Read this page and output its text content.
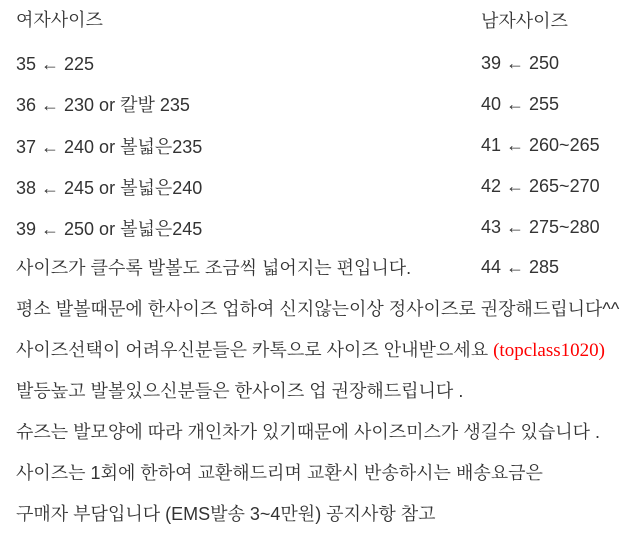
여자사이즈
35 ← 225
36 ← 230 or 칼발 235
37 ← 240 or 볼넓은235
38 ← 245 or 볼넓은240
39 ← 250 or 볼넓은245
남자사이즈
39 ← 250
40 ← 255
41 ← 260~265
42 ← 265~270
43 ← 275~280
44 ← 285
사이즈가 클수록 발볼도 조금씩 넓어지는 편입니다.
평소 발볼때문에 한사이즈 업하여 신지않는이상 정사이즈로 권장해드립니다^^
사이즈선택이 어려우신분들은 카톡으로 사이즈 안내받으세요 (topclass1020)
발등높고 발볼있으신분들은 한사이즈 업 권장해드립니다 .
슈즈는 발모양에 따라 개인차가 있기때문에 사이즈미스가 생길수 있습니다 .
사이즈는 1회에 한하여 교환해드리며 교환시 반송하시는 배송요금은
구매자 부담입니다 (EMS발송 3~4만원) 공지사항 참고
